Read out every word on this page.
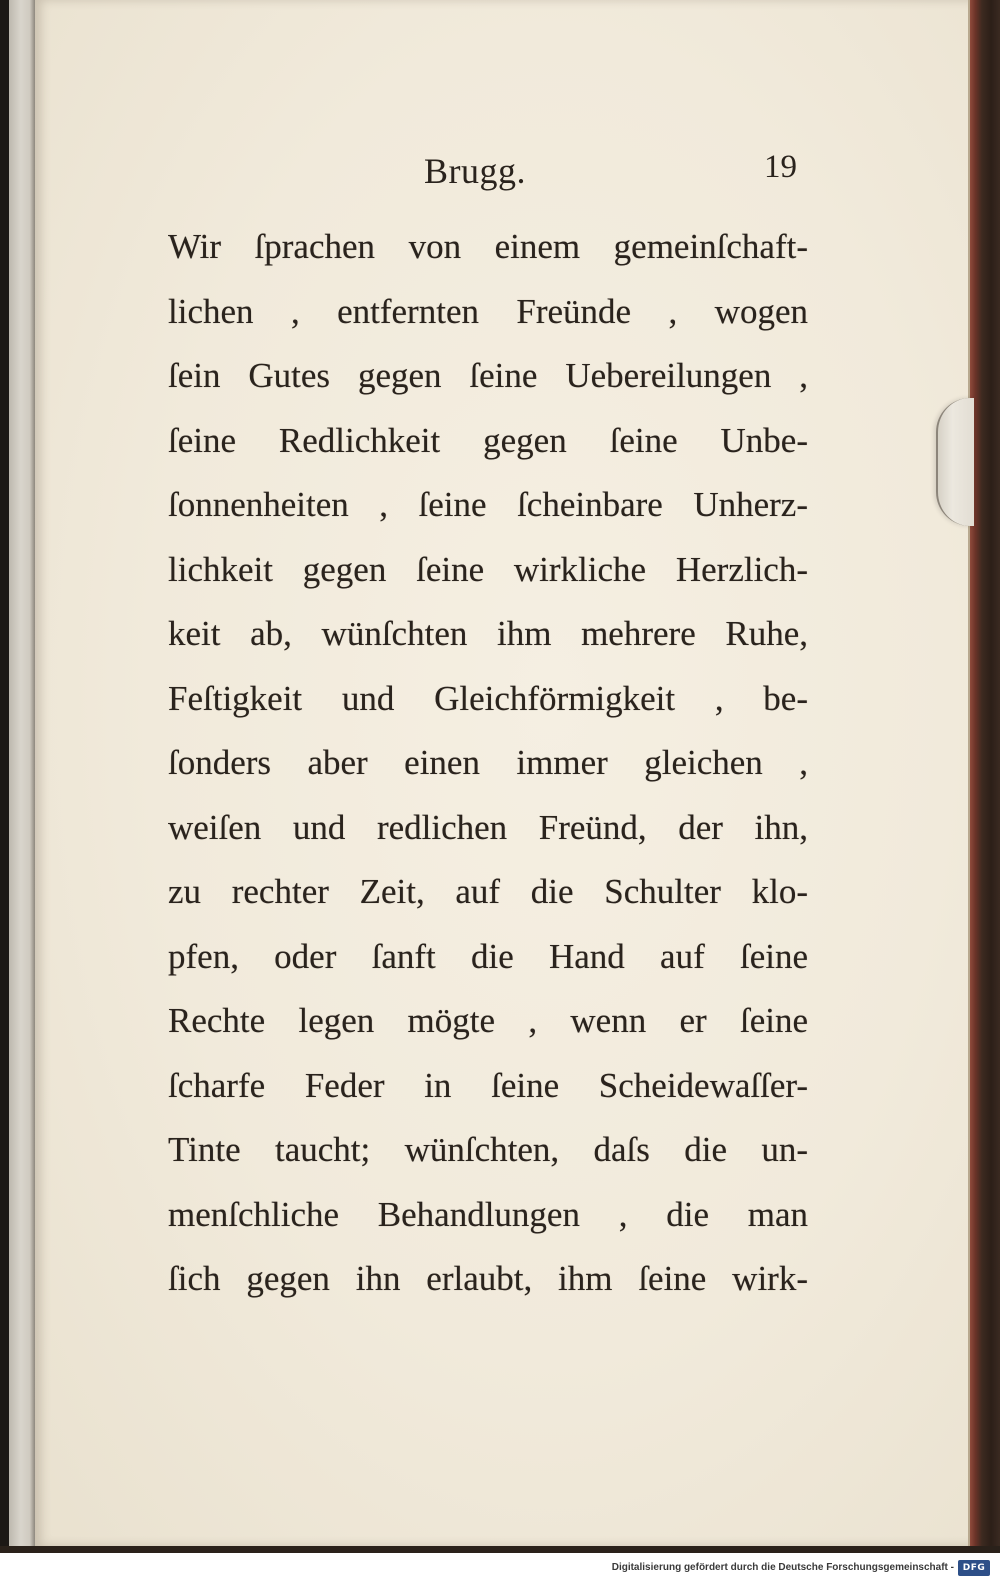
Brugg.	19
Wir ſprachen von einem gemeinſchaft-
lichen , entfernten Freünde , wogen
ſein Gutes gegen ſeine Uebereilungen ,
ſeine Redlichkeit gegen ſeine Unbe-
ſonnenheiten , ſeine ſcheinbare Unherz-
lichkeit gegen ſeine wirkliche Herzlich-
keit ab, wünſchten ihm mehrere Ruhe,
Feſtigkeit und Gleichförmigkeit , be-
ſonders aber einen immer gleichen ,
weiſen und redlichen Freünd, der ihn,
zu rechter Zeit, auf die Schulter klo-
pfen, oder ſanft die Hand auf ſeine
Rechte legen mögte , wenn er ſeine
ſcharfe Feder in ſeine Scheidewaſſer-
Tinte taucht; wünſchten, daſs die un-
menſchliche Behandlungen , die man
ſich gegen ihn erlaubt, ihm ſeine wirk-
Digitalisierung gefördert durch die Deutsche Forschungsgemeinschaft - DFG
